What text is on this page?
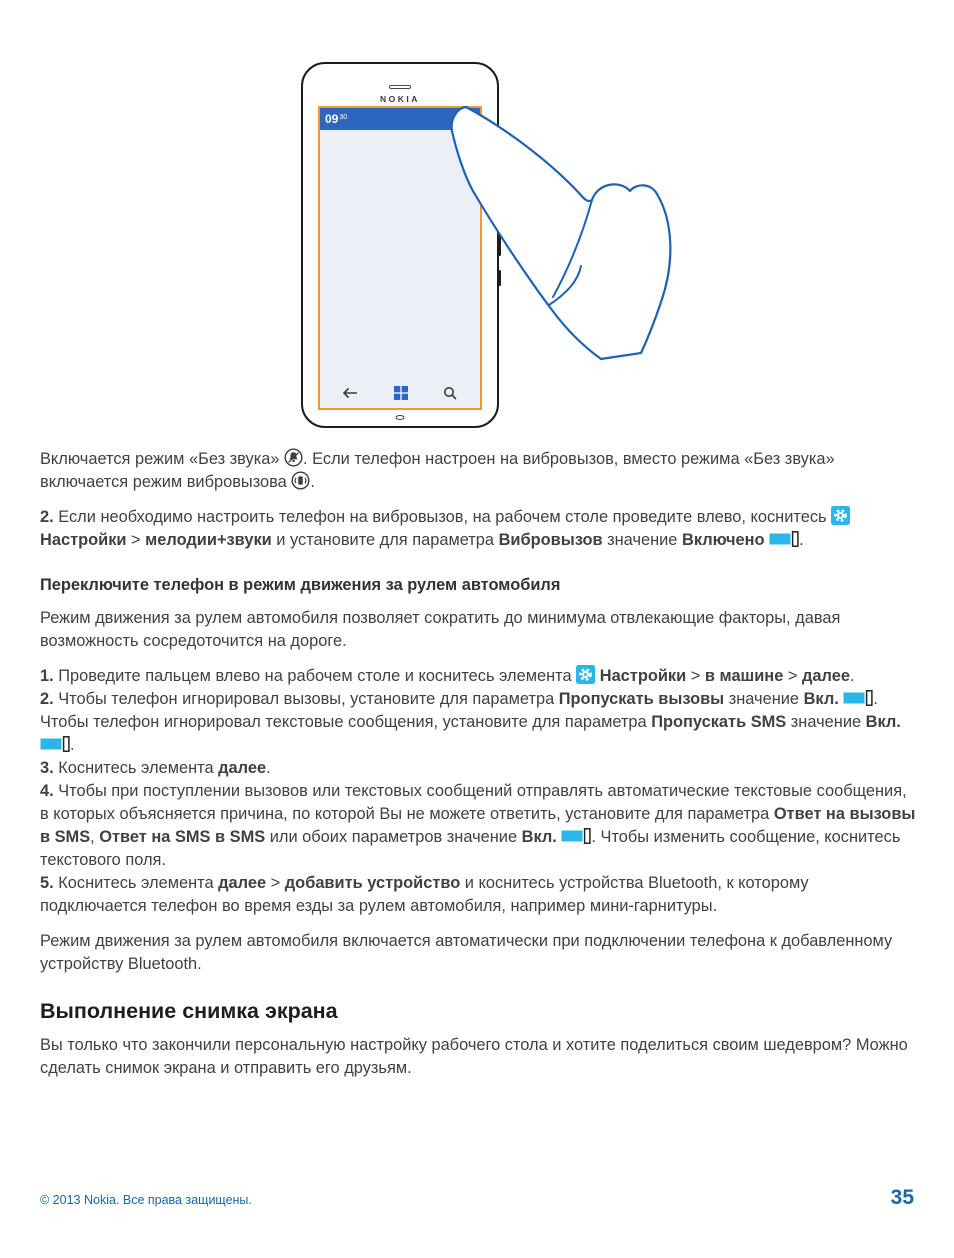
NOKIA
$09^{30}$

Включается режим «Без звука» . Если телефон настроен на вибровызов, вместо режима «Без звука» включается режим вибровызова .

2. Если необходимо настроить телефон на вибровызов, на рабочем столе проведите влево, коснитесь  Настройки > мелодии+звуки и установите для параметра Вибровызов значение Включено .

Переключите телефон в режим движения за рулем автомобиля

Режим движения за рулем автомобиля позволяет сократить до минимума отвлекающие факторы, давая возможность сосредоточится на дороге.

1. Проведите пальцем влево на рабочем столе и коснитесь элемента  Настройки > в машине > далее.
2. Чтобы телефон игнорировал вызовы, установите для параметра Пропускать вызовы значение Вкл. . Чтобы телефон игнорировал текстовые сообщения, установите для параметра Пропускать SMS значение Вкл. .
3. Коснитесь элемента далее.
4. Чтобы при поступлении вызовов или текстовых сообщений отправлять автоматические текстовые сообщения, в которых объясняется причина, по которой Вы не можете ответить, установите для параметра Ответ на вызовы в SMS, Ответ на SMS в SMS или обоих параметров значение Вкл. . Чтобы изменить сообщение, коснитесь текстового поля.
5. Коснитесь элемента далее > добавить устройство и коснитесь устройства Bluetooth, к которому подключается телефон во время езды за рулем автомобиля, например мини-гарнитуры.

Режим движения за рулем автомобиля включается автоматически при подключении телефона к добавленному устройству Bluetooth.

Выполнение снимка экрана

Вы только что закончили персональную настройку рабочего стола и хотите поделиться своим шедевром? Можно сделать снимок экрана и отправить его друзьям.

© 2013 Nokia. Все права защищены.	35
